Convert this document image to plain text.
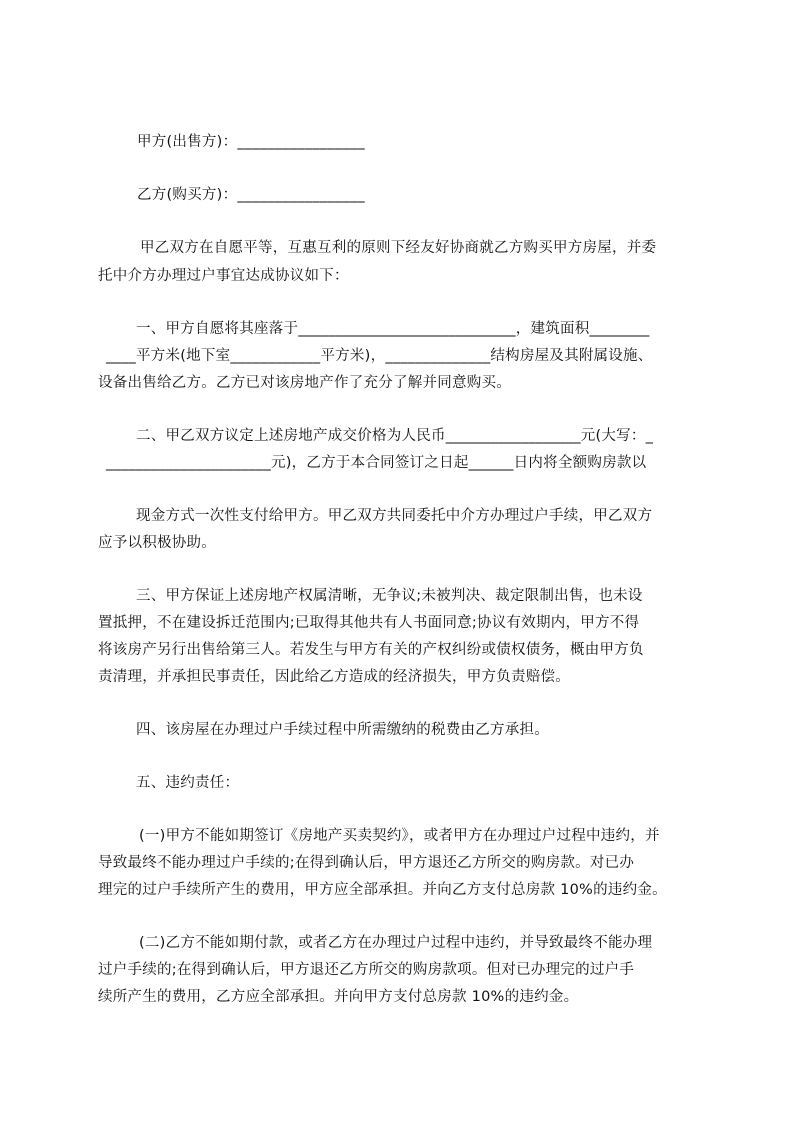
甲方(出售方)：_________________

乙方(购买方)：_________________

甲乙双方在自愿平等，互惠互利的原则下经友好协商就乙方购买甲方房屋，并委

托中介方办理过户事宜达成协议如下：

一、甲方自愿将其座落于_____________________________，建筑面积________

____平方米(地下室____________平方米)，______________结构房屋及其附属设施、

设备出售给乙方。乙方已对该房地产作了充分了解并同意购买。

二、甲乙双方议定上述房地产成交价格为人民币__________________元(大写：_

______________________元)，乙方于本合同签订之日起______日内将全额购房款以

现金方式一次性支付给甲方。甲乙双方共同委托中介方办理过户手续，甲乙双方

应予以积极协助。

三、甲方保证上述房地产权属清晰，无争议;未被判决、裁定限制出售，也未设

置抵押，不在建设拆迁范围内;已取得其他共有人书面同意;协议有效期内，甲方不得

将该房产另行出售给第三人。若发生与甲方有关的产权纠纷或债权债务，概由甲方负

责清理，并承担民事责任，因此给乙方造成的经济损失，甲方负责赔偿。

四、该房屋在办理过户手续过程中所需缴纳的税费由乙方承担。

五、违约责任：

(一)甲方不能如期签订《房地产买卖契约》，或者甲方在办理过户过程中违约，并

导致最终不能办理过户手续的;在得到确认后，甲方退还乙方所交的购房款。对已办

理完的过户手续所产生的费用，甲方应全部承担。并向乙方支付总房款 10%的违约金。

(二)乙方不能如期付款，或者乙方在办理过户过程中违约，并导致最终不能办理

过户手续的;在得到确认后，甲方退还乙方所交的购房款项。但对已办理完的过户手

续所产生的费用，乙方应全部承担。并向甲方支付总房款 10%的违约金。
